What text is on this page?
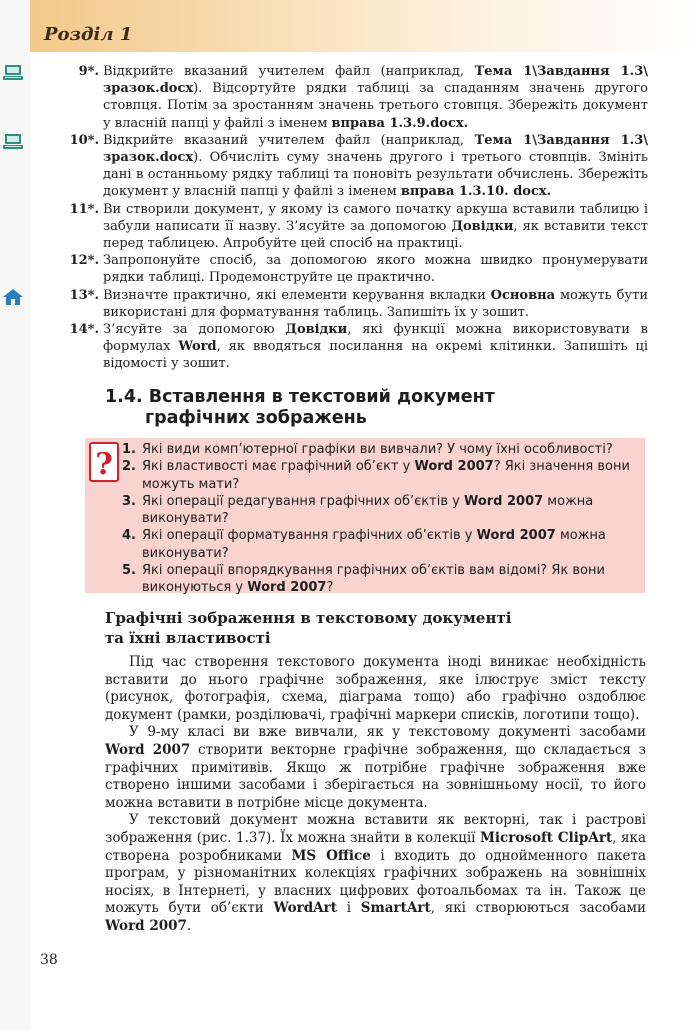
Розділ 1
9*. Відкрийте вказаний учителем файл (наприклад, Тема 1\Завдання 1.3\ зразок.docx). Відсортуйте рядки таблиці за спаданням значень другого стовпця. Потім за зростанням значень третього стовпця. Збережіть документ у власній папці у файлі з іменем вправа 1.3.9.docx.
10*. Відкрийте вказаний учителем файл (наприклад, Тема 1\Завдання 1.3\ зразок.docx). Обчисліть суму значень другого і третього стовпців. Змініть дані в останньому рядку таблиці та поновіть результати обчислень. Збережіть документ у власній папці у файлі з іменем вправа 1.3.10. docx.
11*. Ви створили документ, у якому із самого початку аркуша вставили таблицю і забули написати її назву. З’ясуйте за допомогою Довідки, як вставити текст перед таблицею. Апробуйте цей спосіб на практиці.
12*. Запропонуйте спосіб, за допомогою якого можна швидко пронумерувати рядки таблиці. Продемонструйте це практично.
13*. Визначте практично, які елементи керування вкладки Основна можуть бути використані для форматування таблиць. Запишіть їх у зошит.
14*. З’ясуйте за допомогою Довідки, які функції можна використовувати в формулах Word, як вводяться посилання на окремі клітинки. Запишіть ці відомості у зошит.
1.4. Вставлення в текстовий документ
графічних зображень
? 1. Які види комп’ютерної графіки ви вивчали? У чому їхні особливості?
2. Які властивості має графічний об’єкт у Word 2007? Які значення вони можуть мати?
3. Які операції редагування графічних об’єктів у Word 2007 можна виконувати?
4. Які операції форматування графічних об’єктів у Word 2007 можна виконувати?
5. Які операції впорядкування графічних об’єктів вам відомі? Як вони виконуються у Word 2007?
Графічні зображення в текстовому документі
та їхні властивості

Під час створення текстового документа іноді виникає необхідність вставити до нього графічне зображення, яке ілюструє зміст тексту (рисунок, фотографія, схема, діаграма тощо) або графічно оздоблює документ (рамки, розділювачі, графічні маркери списків, логотипи тощо).

У 9-му класі ви вже вивчали, як у текстовому документі засобами Word 2007 створити векторне графічне зображення, що складається з графічних примітивів. Якщо ж потрібне графічне зображення вже створено іншими засобами і зберігається на зовнішньому носії, то його можна вставити в потрібне місце документа.

У текстовий документ можна вставити як векторні, так і растрові зображення (рис. 1.37). Їх можна знайти в колекції Microsoft ClipArt, яка створена розробниками MS Office і входить до однойменного пакета програм, у різноманітних колекціях графічних зображень на зовнішніх носіях, в Інтернеті, у власних цифрових фотоальбомах та ін. Також це можуть бути об’єкти WordArt і SmartArt, які створюються засобами Word 2007.

38
